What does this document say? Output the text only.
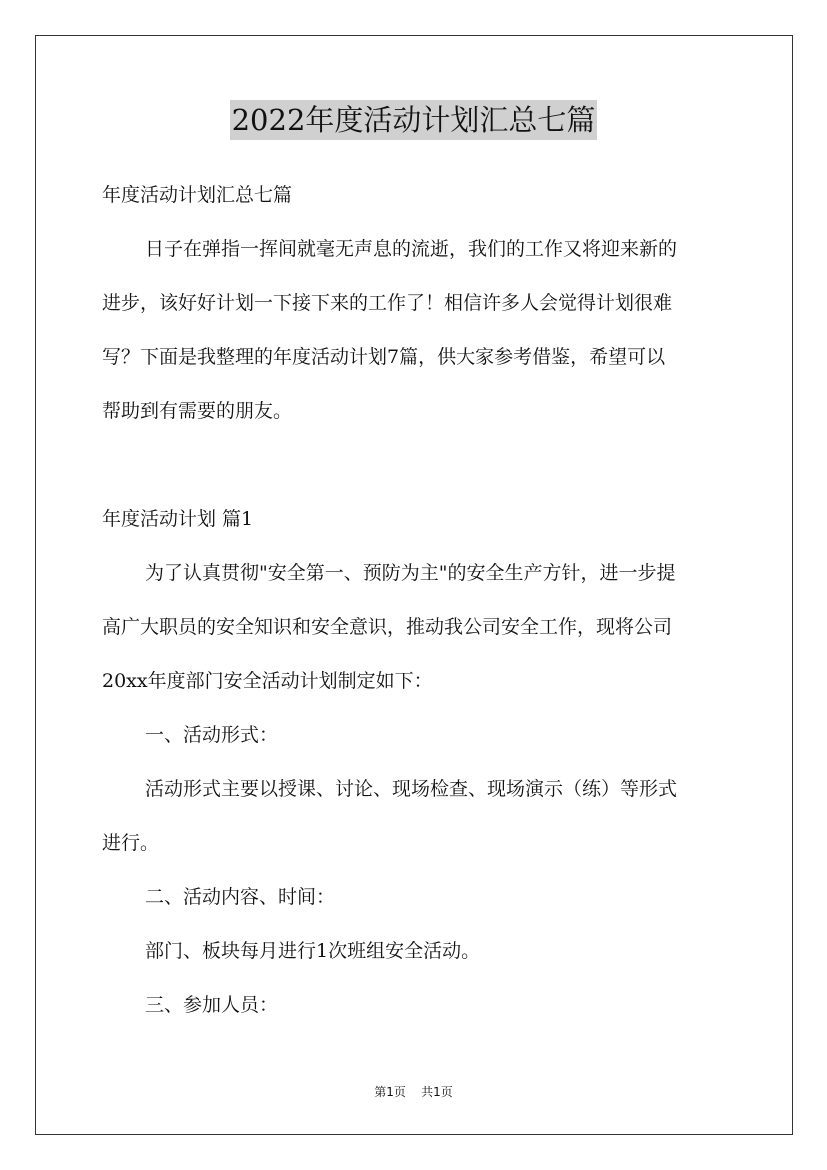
2022年度活动计划汇总七篇
年度活动计划汇总七篇
日子在弹指一挥间就毫无声息的流逝，我们的工作又将迎来新的
进步，该好好计划一下接下来的工作了！相信许多人会觉得计划很难
写？下面是我整理的年度活动计划7篇，供大家参考借鉴，希望可以
帮助到有需要的朋友。
年度活动计划 篇1
为了认真贯彻"安全第一、预防为主"的安全生产方针，进一步提
高广大职员的安全知识和安全意识，推动我公司安全工作，现将公司
20xx年度部门安全活动计划制定如下：
一、活动形式：
活动形式主要以授课、讨论、现场检查、现场演示（练）等形式
进行。
二、活动内容、时间：
部门、板块每月进行1次班组安全活动。
三、参加人员：
第1页 共1页
